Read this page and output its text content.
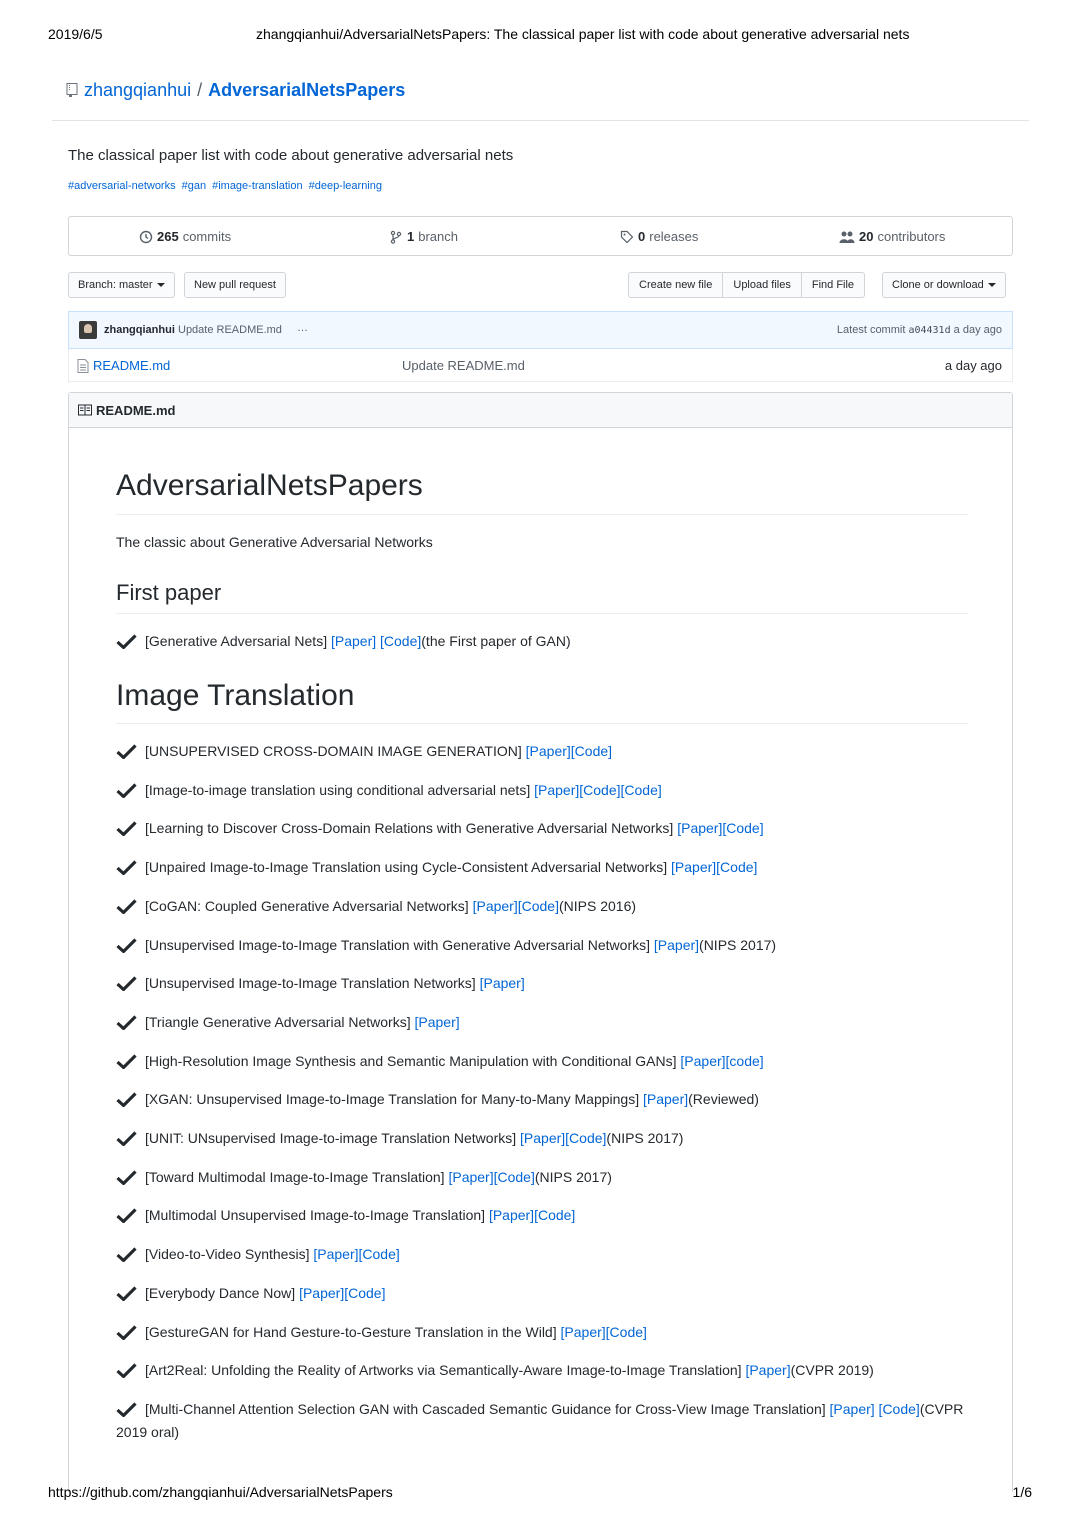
2019/6/5	zhangqianhui/AdversarialNetsPapers: The classical paper list with code about generative adversarial nets
zhangqianhui / AdversarialNetsPapers
The classical paper list with code about generative adversarial nets
#adversarial-networks #gan #image-translation #deep-learning
265 commits	1 branch	0 releases	20 contributors
Branch: master	New pull request	Create new file	Upload files	Find File	Clone or download
zhangqianhui Update README.md …	Latest commit a04431d a day ago
README.md	Update README.md	a day ago
README.md
AdversarialNetsPapers

The classic about Generative Adversarial Networks

First paper
[Generative Adversarial Nets] [Paper] [Code](the First paper of GAN)
Image Translation
[UNSUPERVISED CROSS-DOMAIN IMAGE GENERATION] [Paper][Code]
[Image-to-image translation using conditional adversarial nets] [Paper][Code][Code]
[Learning to Discover Cross-Domain Relations with Generative Adversarial Networks] [Paper][Code]
[Unpaired Image-to-Image Translation using Cycle-Consistent Adversarial Networks] [Paper][Code]
[CoGAN: Coupled Generative Adversarial Networks] [Paper][Code](NIPS 2016)
[Unsupervised Image-to-Image Translation with Generative Adversarial Networks] [Paper](NIPS 2017)
[Unsupervised Image-to-Image Translation Networks] [Paper]
[Triangle Generative Adversarial Networks] [Paper]
[High-Resolution Image Synthesis and Semantic Manipulation with Conditional GANs] [Paper][code]
[XGAN: Unsupervised Image-to-Image Translation for Many-to-Many Mappings] [Paper](Reviewed)
[UNIT: UNsupervised Image-to-image Translation Networks] [Paper][Code](NIPS 2017)
[Toward Multimodal Image-to-Image Translation] [Paper][Code](NIPS 2017)
[Multimodal Unsupervised Image-to-Image Translation] [Paper][Code]
[Video-to-Video Synthesis] [Paper][Code]
[Everybody Dance Now] [Paper][Code]
[GestureGAN for Hand Gesture-to-Gesture Translation in the Wild] [Paper][Code]
[Art2Real: Unfolding the Reality of Artworks via Semantically-Aware Image-to-Image Translation] [Paper](CVPR 2019)
[Multi-Channel Attention Selection GAN with Cascaded Semantic Guidance for Cross-View Image Translation] [Paper] [Code](CVPR 2019 oral)
https://github.com/zhangqianhui/AdversarialNetsPapers	1/6
